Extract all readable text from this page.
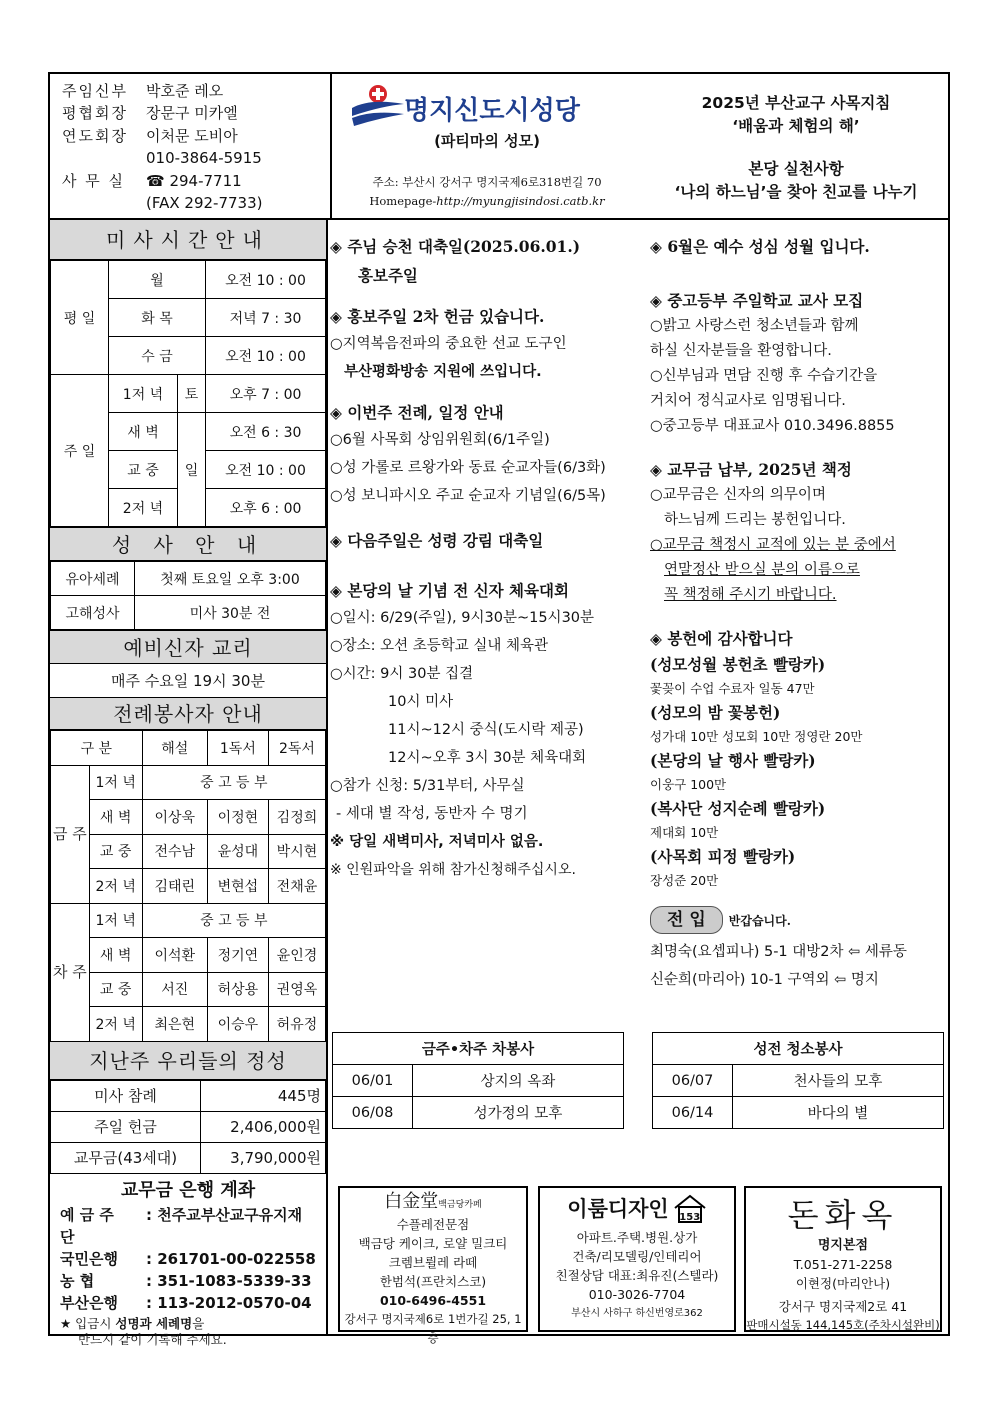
주임신부 박호준 레오
평협회장 장문구 미카엘
연도회장 이처문 도비아
010-3864-5915
사 무 실 ☎ 294-7711
(FAX 292-7733)
명지신도시성당
(파티마의 성모)
주소: 부산시 강서구 명지국제6로318번길 70
Homepage-http://myungjisindosi.catb.kr
2025년 부산교구 사목지침
‘배움과 체험의 해’
본당 실천사항
‘나의 하느님’을 찾아 친교를 나누기
미사시간안내
평 일	월		오전 10 : 00
	화 목		저녁 7 : 30
	수 금		오전 10 : 00
주 일	1저 녁	토	오후 7 : 00
	새 벽	일	오전 6 : 30
	교 중		오전 10 : 00
	2저 녁		오후 6 : 00
성 사 안 내
유아세례	첫째 토요일 오후 3:00
고해성사	미사 30분 전
예비신자 교리
매주 수요일 19시 30분
전례봉사자 안내
구 분		해설	1독서	2독서
금 주	1저 녁	중 고 등 부		
	새 벽	이상욱	이정현	김정희
	교 중	전수남	윤성대	박시현
	2저 녁	김태린	변현섭	전채윤
차 주	1저 녁	중 고 등 부		
	새 벽	이석환	정기연	윤인경
	교 중	서진	허상용	권영옥
	2저 녁	최은현	이승우	허유정
지난주 우리들의 정성
미사 참례	445명
주일 헌금	2,406,000원
교무금(43세대)	3,790,000원
교무금 은행 계좌
예 금 주 : 천주교부산교구유지재단
국민은행 : 261701-00-022558
농 협	: 351-1083-5339-33
부산은행 : 113-2012-0570-04
★ 입금시 성명과 세례명을
반드시 같이 기록해 주세요.
◈ 주님 승천 대축일(2025.06.01.)
홍보주일
◈ 홍보주일 2차 헌금 있습니다.
○지역복음전파의 중요한 선교 도구인
부산평화방송 지원에 쓰입니다.
◈ 이번주 전례, 일정 안내
○6월 사목회 상임위원회(6/1주일)
○성 가롤로 르왕가와 동료 순교자들(6/3화)
○성 보니파시오 주교 순교자 기념일(6/5목)
◈ 다음주일은 성령 강림 대축일
◈ 본당의 날 기념 전 신자 체육대회
○일시: 6/29(주일), 9시30분~15시30분
○장소: 오션 초등학교 실내 체육관
○시간: 9시 30분 집결
10시 미사
11시~12시 중식(도시락 제공)
12시~오후 3시 30분 체육대회
○참가 신청: 5/31부터, 사무실
- 세대 별 작성, 동반자 수 명기
※ 당일 새벽미사, 저녁미사 없음.
※ 인원파악을 위해 참가신청해주십시오.
◈ 6월은 예수 성심 성월 입니다.
◈ 중고등부 주일학교 교사 모집
○밝고 사랑스런 청소년들과 함께
하실 신자분들을 환영합니다.
○신부님과 면담 진행 후 수습기간을
거치어 정식교사로 임명됩니다.
○중고등부 대표교사 010.3496.8855
◈ 교무금 납부, 2025년 책정
○교무금은 신자의 의무이며
하느님께 드리는 봉헌입니다.
○교무금 책정시 교적에 있는 분 중에서
연말정산 받으실 분의 이름으로
꼭 책정해 주시기 바랍니다.
◈ 봉헌에 감사합니다
(성모성월 봉헌초 빨랑카)
꽃꽂이 수업 수료자 일동 47만
(성모의 밤 꽃봉헌)
성가대 10만 성모회 10만 정영란 20만
(본당의 날 행사 빨랑카)
이웅구 100만
(복사단 성지순례 빨랑카)
제대회 10만
(사목회 피정 빨랑카)
장성준 20만
전 입	반갑습니다.
최명숙(요셉피나) 5-1 대방2차 ⇦ 세류동
신순희(마리아) 10-1 구역외 ⇦ 명지
금주•차주 차봉사	
06/01	상지의 옥좌
06/08	성가정의 모후
성전 청소봉사	
06/07	천사들의 모후
06/14	바다의 별
白金堂백금당카페
수플레전문점
백금당 케이크, 로얄 밀크티
크렘브륄레 라떼
한범석(프란치스코)
010-6496-4551
강서구 명지국제6로 1번가길 25, 1층
이룸디자인	153
아파트.주택.병원.상가
건축/리모델링/인테리어
친절상담 대표:최유진(스텔라)
010-3026-7704
부산시 사하구 하신번영로362
돈화옥
명지본점
T.051-271-2258
이현정(마리안나)
강서구 명지국제2로 41
판매시설동 144,145호(주차시설완비)
